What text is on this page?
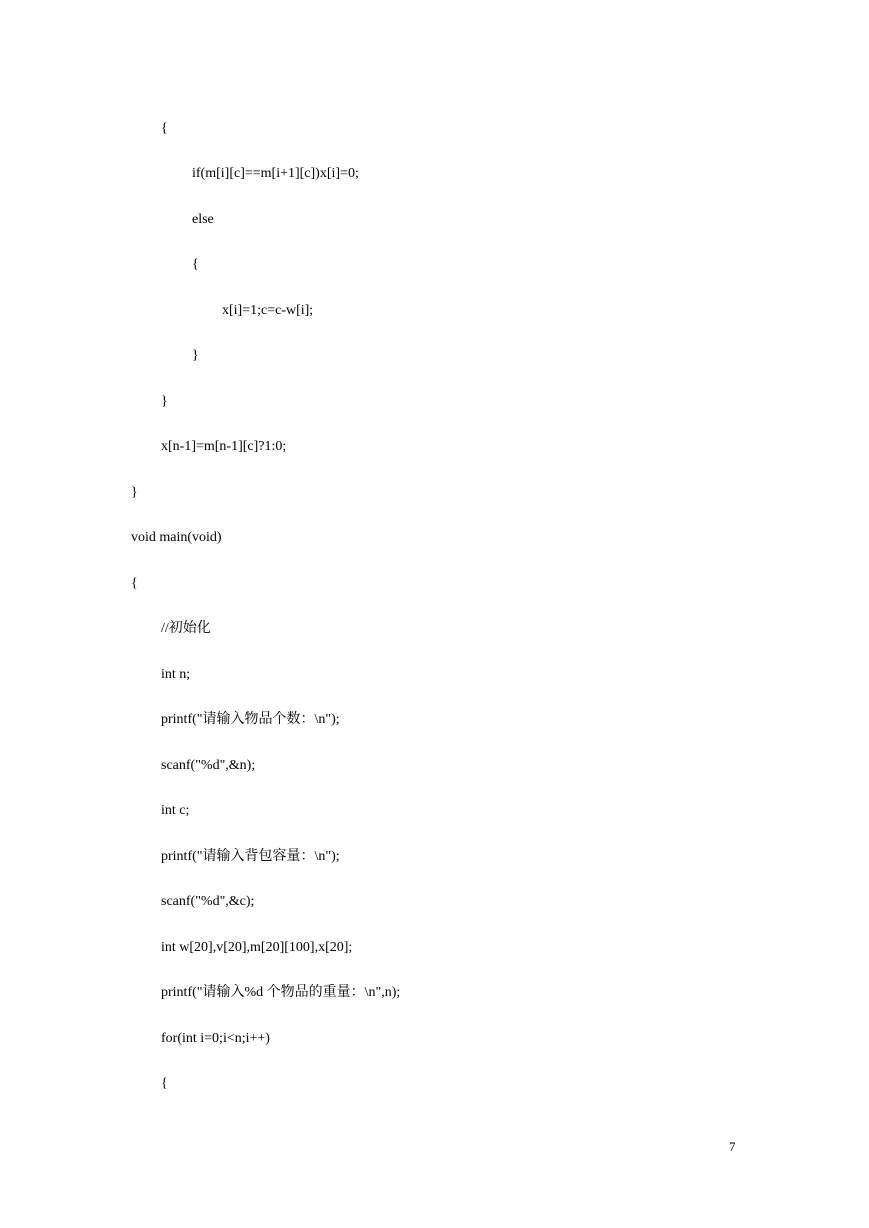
{
if(m[i][c]==m[i+1][c])x[i]=0;
else
{
x[i]=1;c=c-w[i];
}
}
x[n-1]=m[n-1][c]?1:0;
}
void main(void)
{
//初始化
int n;
printf("请输入物品个数：\n");
scanf("%d",&n);
int c;
printf("请输入背包容量：\n");
scanf("%d",&c);
int w[20],v[20],m[20][100],x[20];
printf("请输入%d 个物品的重量：\n",n);
for(int i=0;i<n;i++)
{
7
